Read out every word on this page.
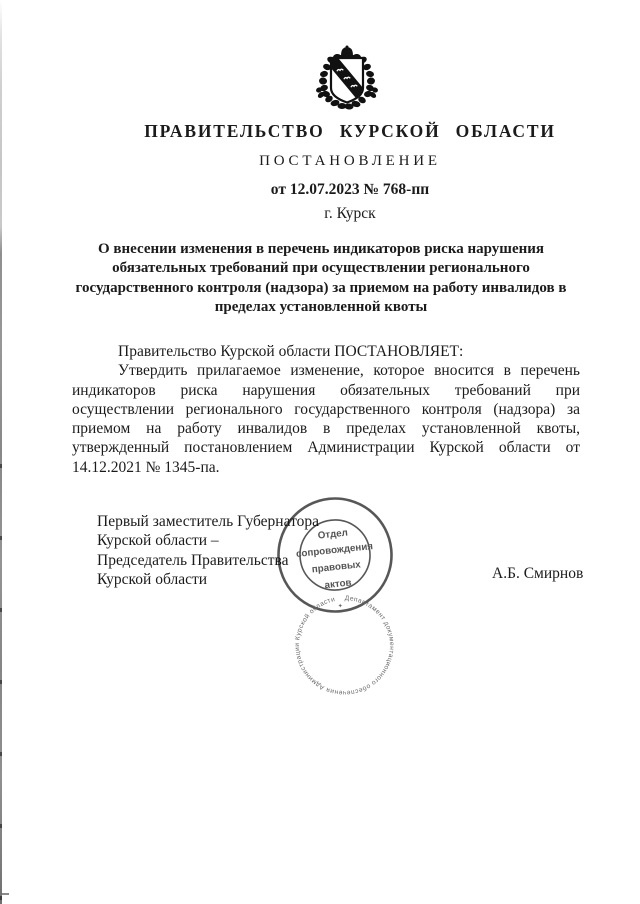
ПРАВИТЕЛЬСТВО КУРСКОЙ ОБЛАСТИ
ПОСТАНОВЛЕНИЕ
от 12.07.2023 № 768-пп
г. Курск
О внесении изменения в перечень индикаторов риска нарушения обязательных требований при осуществлении регионального государственного контроля (надзора) за приемом на работу инвалидов в пределах установленной квоты

Правительство Курской области ПОСТАНОВЛЯЕТ:

Утвердить прилагаемое изменение, которое вносится в перечень индикаторов риска нарушения обязательных требований при осуществлении регионального государственного контроля (надзора) за приемом на работу инвалидов в пределах установленной квоты, утвержденный постановлением Администрации Курской области от 14.12.2021 № 1345-па.

Первый заместитель Губернатора
Курской области –
Председатель Правительства
Курской области	А.Б. Смирнов
Департамент документационного обеспечения Администрации Курской области
Отдел
сопровождения
правовых
актов
✦
